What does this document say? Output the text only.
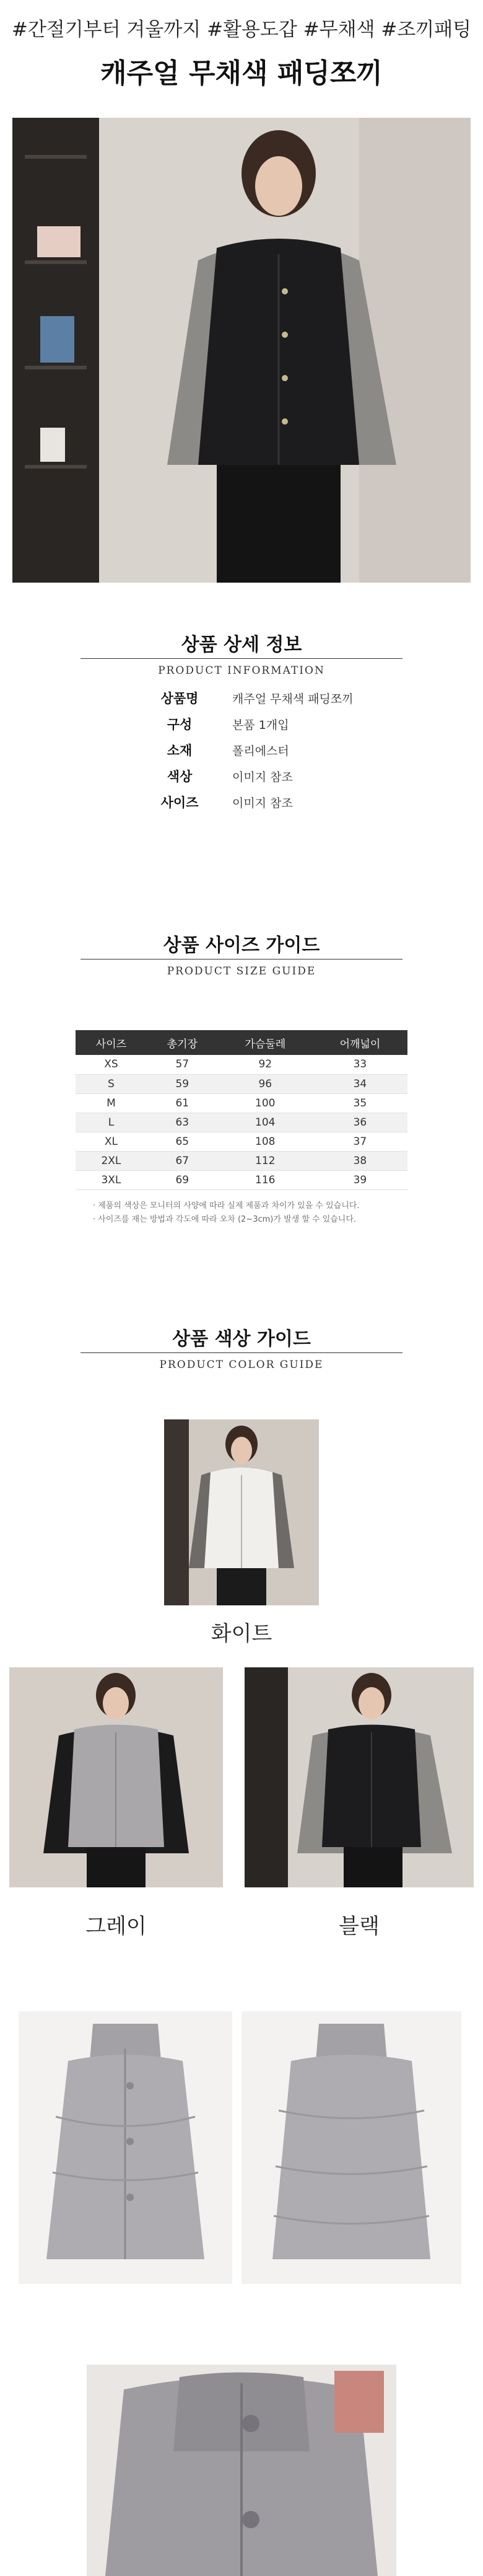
#간절기부터 겨울까지 #활용도갑 #무채색 #조끼패팅
캐주얼 무채색 패딩쪼끼
상품 상세 정보
PRODUCT INFORMATION
상품명	캐주얼 무채색 패딩쪼끼
구성	본품 1개입
소재	폴리에스터
색상	이미지 참조
사이즈	이미지 참조
상품 사이즈 가이드
PRODUCT SIZE GUIDE
사이즈	총기장	가슴둘레	어깨넓이
XS	57	92	33
S	59	96	34
M	61	100	35
L	63	104	36
XL	65	108	37
2XL	67	112	38
3XL	69	116	39
· 제품의 색상은 모니터의 사양에 따라 실제 제품과 차이가 있을 수 있습니다.
· 사이즈를 재는 방법과 각도에 따라 오차 (2~3cm)가 발생 할 수 있습니다.
상품 색상 가이드
PRODUCT COLOR GUIDE
화이트
그레이	블랙
